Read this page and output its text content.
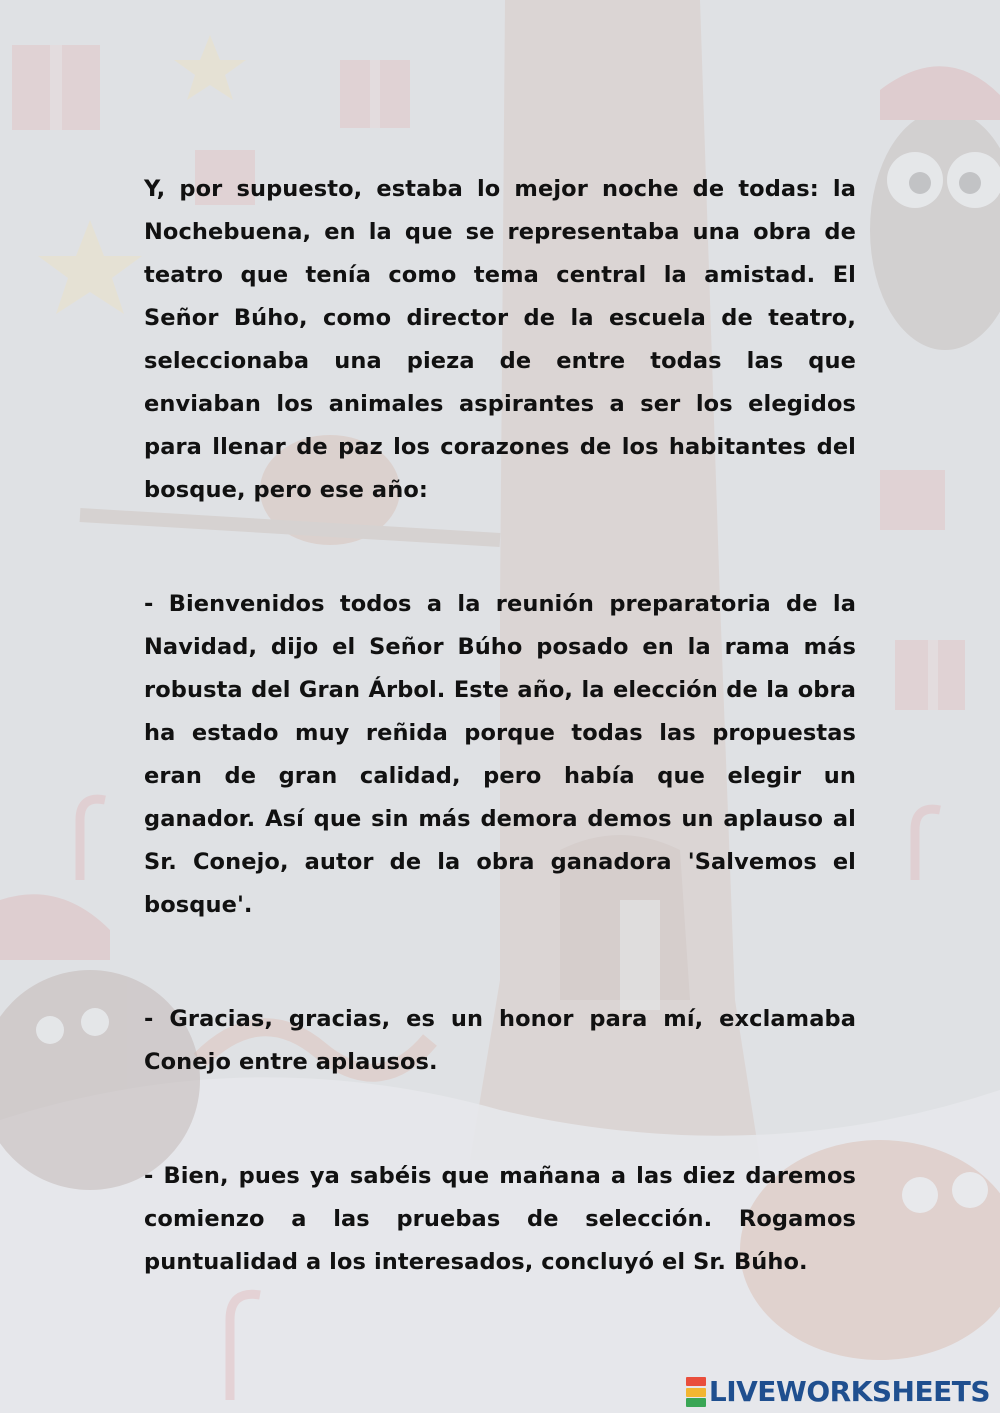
Y, por supuesto, estaba lo mejor noche de todas: la Nochebuena, en la que se representaba una obra de teatro que tenía como tema central la amistad. El Señor Búho, como director de la escuela de teatro, seleccionaba una pieza de entre todas las que enviaban los animales aspirantes a ser los elegidos para llenar de paz los corazones de los habitantes del bosque, pero ese año:

- Bienvenidos todos a la reunión preparatoria de la Navidad, dijo el Señor Búho posado en la rama más robusta del Gran Árbol. Este año, la elección de la obra ha estado muy reñida porque todas las propuestas eran de gran calidad, pero había que elegir un ganador. Así que sin más demora demos un aplauso al Sr. Conejo, autor de la obra ganadora 'Salvemos el bosque'.

- Gracias, gracias, es un honor para mí, exclamaba Conejo entre aplausos.

- Bien, pues ya sabéis que mañana a las diez daremos comienzo a las pruebas de selección. Rogamos puntualidad a los interesados, concluyó el Sr. Búho.

LIVEWORKSHEETS
